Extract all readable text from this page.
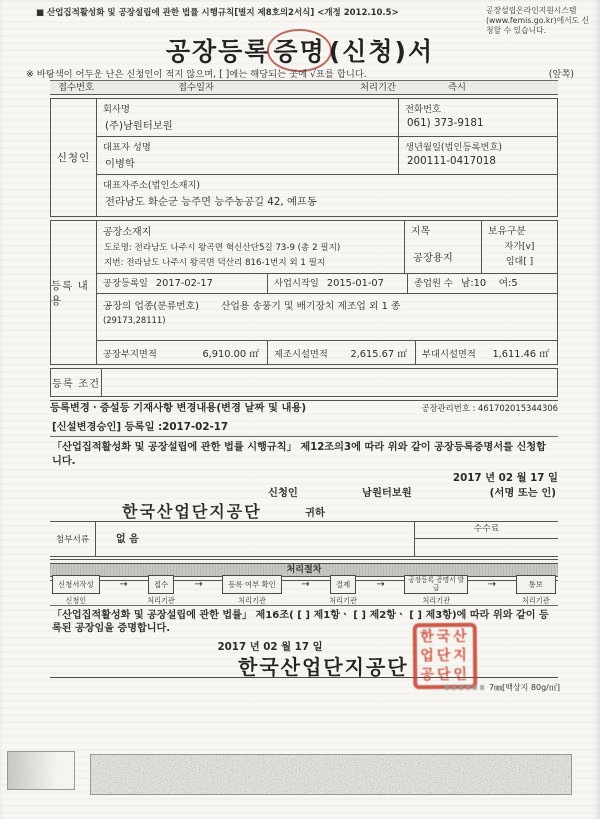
■ 산업집적활성화 및 공장설립에 관한 법률 시행규칙[별지 제8호의2서식] <개정 2012.10.5>	공장설립온라인지원시스템(www.femis.go.kr)에서도 신청할 수 있습니다.
공장등록 증명 (신청)서
※ 바탕색이 어두운 난은 신청인이 적지 않으며, [ ]에는 해당되는 곳에 √표를 합니다.	(앞쪽)
접수번호	접수일자	처리기간	즉시
신청인
회사명
(주)남원터보원
전화번호
061) 373-9181
대표자 성명
이병학
생년월일(법인등록번호)
200111-0417018
대표자주소(법인소재지)
전라남도 화순군 능주면 능주농공길 42, 예프동
등록 내용
공장소재지
도로명: 전라남도 나주시 왕곡면 혁신산단5길 73-9 (총 2 필지)
지번: 전라남도 나주시 왕곡면 덕산리 816-1번지 외 1 필지
지목
공장용지
보유구분
자가[v]
임대[ ]
공장등록일 2017-02-17	사업시작일 2015-01-07	종업원 수 남:10    여:5
공장의 업종(분류번호) 산업용 송풍기 및 배기장치 제조업 외 1 종
(29173,28111)
공장부지면적	6,910.00 ㎡ 제조시설면적 2,615.67 ㎡ 부대시설면적 1,611.46 ㎡
등록 조건
등록변경ㆍ증설등 기재사항 변경내용(변경 날짜 및 내용)	공장관리번호 : 461702015344306
[신설변경승인] 등록일 :2017-02-17
「산업집적활성화 및 공장설립에 관한 법률 시행규칙」 제12조의3에 따라 위와 같이 공장등록증명서를 신청합니다.
2017 년 02 월 17 일
신청인	남원터보원	(서명 또는 인)
한국산업단지공단	귀하
첨부서류	없 음
수수료
처리절차
신청서작성
신청인
→	접수
처리기관
→	등록 여부 확인
처리기관
→	결제
처리기관
→	공장등록 증명서 발급
처리기관
→	통보
처리기관
「산업집적활성화 및 공장설립에 관한 법률」 제16조( [ ] 제1항ㆍ [ ] 제2항ㆍ [ ] 제3항)에 따라 위와 같이 등록된 공장임을 증명합니다.
2017 년 02 월 17 일
한국산업단지공단
한국산
업단지
공단인
7㎜[백상지 80g/㎡]
